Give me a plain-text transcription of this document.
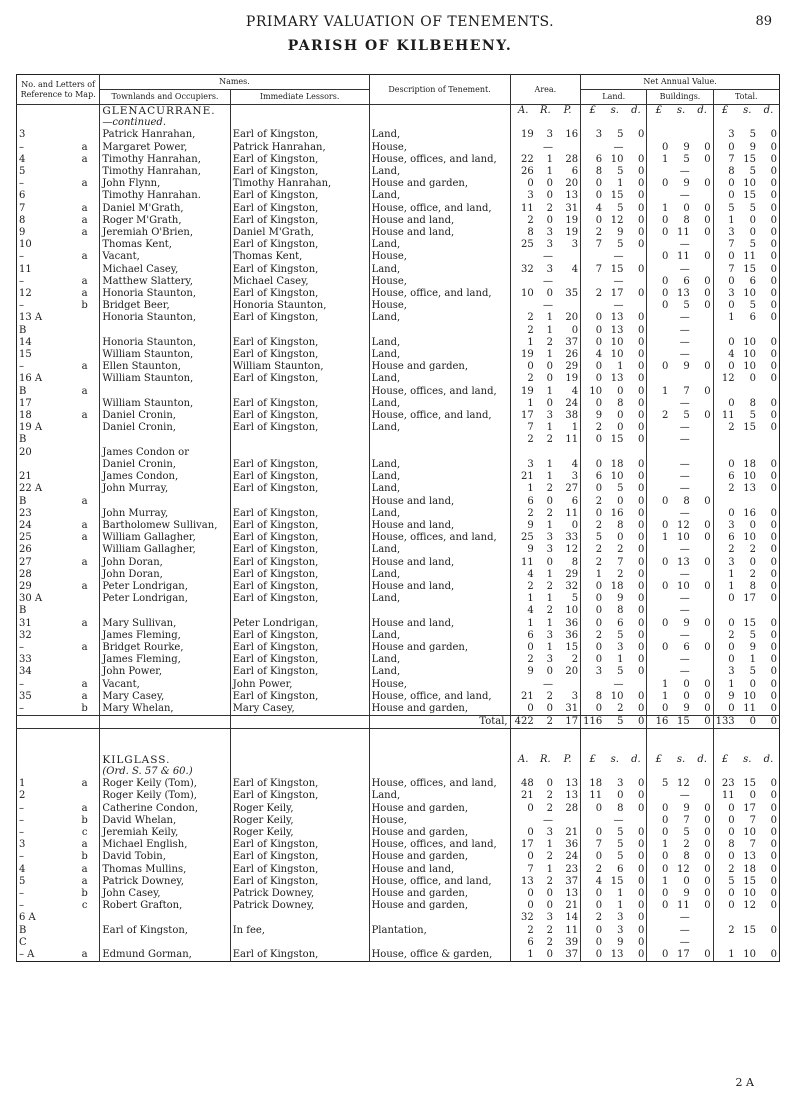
PRIMARY VALUATION OF TENEMENTS.	89
PARISH OF KILBEHENY.
No. and Letters of Reference to Map.		Names.		Description of Tenement.	Area.			Net Annual Value.								
		Townlands and Occupiers.	Immediate Lessors.					Land.			Buildings.			Total.		
		GLENACURRANE.			A.	R.	P.	£	s.	d.	£	s.	d.	£	s.	d.
		—continued.														
3		Patrick Hanrahan,	Earl of Kingston,	Land,	19	3	16	3	5	0				3	5	0
–	a	Margaret Power,	Patrick Hanrahan,	House,		—			—		0	9	0	0	9	0
4	a	Timothy Hanrahan,	Earl of Kingston,	House, offices, and land,	22	1	28	6	10	0	1	5	0	7	15	0
5		Timothy Hanrahan,	Earl of Kingston,	Land,	26	1	6	8	5	0		—		8	5	0
–	a	John Flynn,	Timothy Hanrahan,	House and garden,	0	0	20	0	1	0	0	9	0	0	10	0
6		Timothy Hanrahan.	Earl of Kingston,	Land,	3	0	13	0	15	0		—		0	15	0
7	a	Daniel M'Grath,	Earl of Kingston,	House, office, and land,	11	2	31	4	5	0	1	0	0	5	5	0
8	a	Roger M'Grath,	Earl of Kingston,	House and land,	2	0	19	0	12	0	0	8	0	1	0	0
9	a	Jeremiah O'Brien,	Daniel M'Grath,	House and land,	8	3	19	2	9	0	0	11	0	3	0	0
10		Thomas Kent,	Earl of Kingston,	Land,	25	3	3	7	5	0		—		7	5	0
–	a	Vacant,	Thomas Kent,	House,		—			—		0	11	0	0	11	0
11		Michael Casey,	Earl of Kingston,	Land,	32	3	4	7	15	0		—		7	15	0
–	a	Matthew Slattery,	Michael Casey,	House,		—			—		0	6	0	0	6	0
12	a	Honoria Staunton,	Earl of Kingston,	House, office, and land,	10	0	35	2	17	0	0	13	0	3	10	0
–	b	Bridget Beer,	Honoria Staunton,	House,		—			—		0	5	0	0	5	0
13 A		Honoria Staunton,	Earl of Kingston,	Land,	2	1	20	0	13	0		—		1	6	0
B					2	1	0	0	13	0		—				
14		Honoria Staunton,	Earl of Kingston,	Land,	1	2	37	0	10	0		—		0	10	0
15		William Staunton,	Earl of Kingston,	Land,	19	1	26	4	10	0		—		4	10	0
–	a	Ellen Staunton,	William Staunton,	House and garden,	0	0	29	0	1	0	0	9	0	0	10	0
16 A		William Staunton,	Earl of Kingston,	Land,	2	0	19	0	13	0				12	0	0
B	a			House, offices, and land,	19	1	4	10	0	0	1	7	0			
17		William Staunton,	Earl of Kingston,	Land,	1	0	24	0	8	0		—		0	8	0
18	a	Daniel Cronin,	Earl of Kingston,	House, office, and land,	17	3	38	9	0	0	2	5	0	11	5	0
19 A		Daniel Cronin,	Earl of Kingston,	Land,	7	1	1	2	0	0		—		2	15	0
B					2	2	11	0	15	0		—				
20		James Condon or														
		Daniel Cronin,	Earl of Kingston,	Land,	3	1	4	0	18	0		—		0	18	0
21		James Condon,	Earl of Kingston,	Land,	21	1	3	6	10	0		—		6	10	0
22 A		John Murray,	Earl of Kingston,	Land,	1	2	27	0	5	0		—		2	13	0
B	a			House and land,	6	0	6	2	0	0	0	8	0			
23		John Murray,	Earl of Kingston,	Land,	2	2	11	0	16	0		—		0	16	0
24	a	Bartholomew Sullivan,	Earl of Kingston,	House and land,	9	1	0	2	8	0	0	12	0	3	0	0
25	a	William Gallagher,	Earl of Kingston,	House, offices, and land,	25	3	33	5	0	0	1	10	0	6	10	0
26		William Gallagher,	Earl of Kingston,	Land,	9	3	12	2	2	0		—		2	2	0
27	a	John Doran,	Earl of Kingston,	House and land,	11	0	8	2	7	0	0	13	0	3	0	0
28		John Doran,	Earl of Kingston,	Land,	4	1	29	1	2	0		—		1	2	0
29	a	Peter Londrigan,	Earl of Kingston,	House and land,	2	2	32	0	18	0	0	10	0	1	8	0
30 A		Peter Londrigan,	Earl of Kingston,	Land,	1	1	5	0	9	0		—		0	17	0
B					4	2	10	0	8	0		—				
31	a	Mary Sullivan,	Peter Londrigan,	House and land,	1	1	36	0	6	0	0	9	0	0	15	0
32		James Fleming,	Earl of Kingston,	Land,	6	3	36	2	5	0		—		2	5	0
–	a	Bridget Rourke,	Earl of Kingston,	House and garden,	0	1	15	0	3	0	0	6	0	0	9	0
33		James Fleming,	Earl of Kingston,	Land,	2	3	2	0	1	0		—		0	1	0
34		John Power,	Earl of Kingston,	Land,	9	0	20	3	5	0		—		3	5	0
–	a	Vacant,	John Power,	House,		—			—		1	0	0	1	0	0
35	a	Mary Casey,	Earl of Kingston,	House, office, and land,	21	2	3	8	10	0	1	0	0	9	10	0
–	b	Mary Whelan,	Mary Casey,	House and garden,	0	0	31	0	2	0	0	9	0	0	11	0
				Total,	422	2	17	116	5	0	16	15	0	133	0	0

		KILGLASS.			A.	R.	P.	£	s.	d.	£	s.	d.	£	s.	d.
		(Ord. S. 57 & 60.)														
1	a	Roger Keily (Tom),	Earl of Kingston,	House, offices, and land,	48	0	13	18	3	0	5	12	0	23	15	0
2		Roger Keily (Tom),	Earl of Kingston,	Land,	21	2	13	11	0	0		—		11	0	0
–	a	Catherine Condon,	Roger Keily,	House and garden,	0	2	28	0	8	0	0	9	0	0	17	0
–	b	David Whelan,	Roger Keily,	House,		—			—		0	7	0	0	7	0
–	c	Jeremiah Keily,	Roger Keily,	House and garden,	0	3	21	0	5	0	0	5	0	0	10	0
3	a	Michael English,	Earl of Kingston,	House, offices, and land,	17	1	36	7	5	0	1	2	0	8	7	0
–	b	David Tobin,	Earl of Kingston,	House and garden,	0	2	24	0	5	0	0	8	0	0	13	0
4	a	Thomas Mullins,	Earl of Kingston,	House and land,	7	1	23	2	6	0	0	12	0	2	18	0
5	a	Patrick Downey,	Earl of Kingston,	House, office, and land,	13	2	37	4	15	0	1	0	0	5	15	0
–	b	John Casey,	Patrick Downey,	House and garden,	0	0	13	0	1	0	0	9	0	0	10	0
–	c	Robert Grafton,	Patrick Downey,	House and garden,	0	0	21	0	1	0	0	11	0	0	12	0
6 A					32	3	14	2	3	0		—				
B		Earl of Kingston,	In fee,	Plantation,	2	2	11	0	3	0		—		2	15	0
C					6	2	39	0	9	0		—				
– A	a	Edmund Gorman,	Earl of Kingston,	House, office & garden,	1	0	37	0	13	0	0	17	0	1	10	0
2 A
